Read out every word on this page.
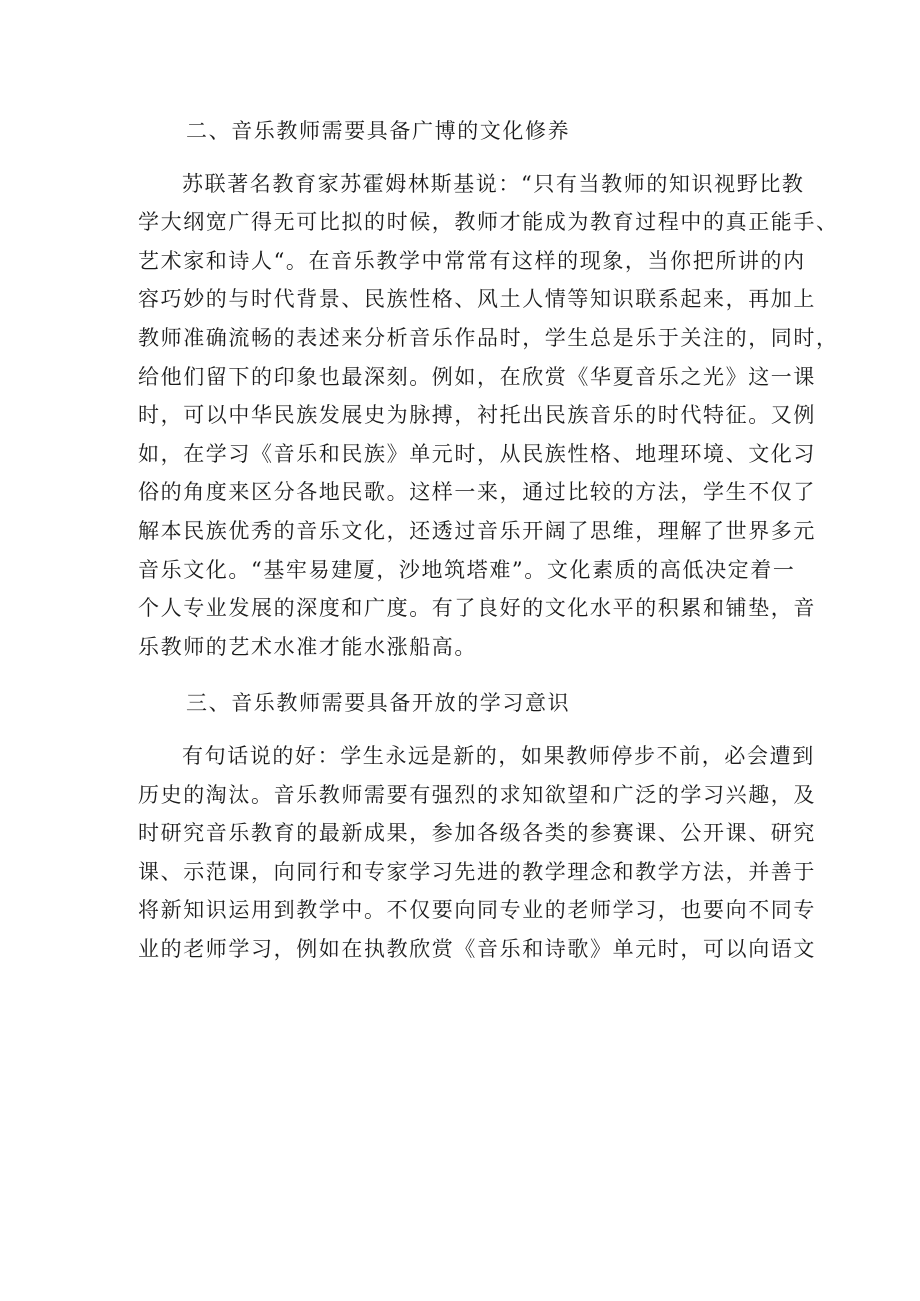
二、音乐教师需要具备广博的文化修养

苏联著名教育家苏霍姆林斯基说：“只有当教师的知识视野比教
学大纲宽广得无可比拟的时候，教师才能成为教育过程中的真正能手、
艺术家和诗人“。在音乐教学中常常有这样的现象，当你把所讲的内
容巧妙的与时代背景、民族性格、风土人情等知识联系起来，再加上
教师准确流畅的表述来分析音乐作品时，学生总是乐于关注的，同时，
给他们留下的印象也最深刻。例如，在欣赏《华夏音乐之光》这一课
时，可以中华民族发展史为脉搏，衬托出民族音乐的时代特征。又例
如，在学习《音乐和民族》单元时，从民族性格、地理环境、文化习
俗的角度来区分各地民歌。这样一来，通过比较的方法，学生不仅了
解本民族优秀的音乐文化，还透过音乐开阔了思维，理解了世界多元
音乐文化。“基牢易建厦，沙地筑塔难”。文化素质的高低决定着一
个人专业发展的深度和广度。有了良好的文化水平的积累和铺垫，音
乐教师的艺术水准才能水涨船高。

三、音乐教师需要具备开放的学习意识

有句话说的好：学生永远是新的，如果教师停步不前，必会遭到
历史的淘汰。音乐教师需要有强烈的求知欲望和广泛的学习兴趣，及
时研究音乐教育的最新成果，参加各级各类的参赛课、公开课、研究
课、示范课，向同行和专家学习先进的教学理念和教学方法，并善于
将新知识运用到教学中。不仅要向同专业的老师学习，也要向不同专
业的老师学习，例如在执教欣赏《音乐和诗歌》单元时，可以向语文
